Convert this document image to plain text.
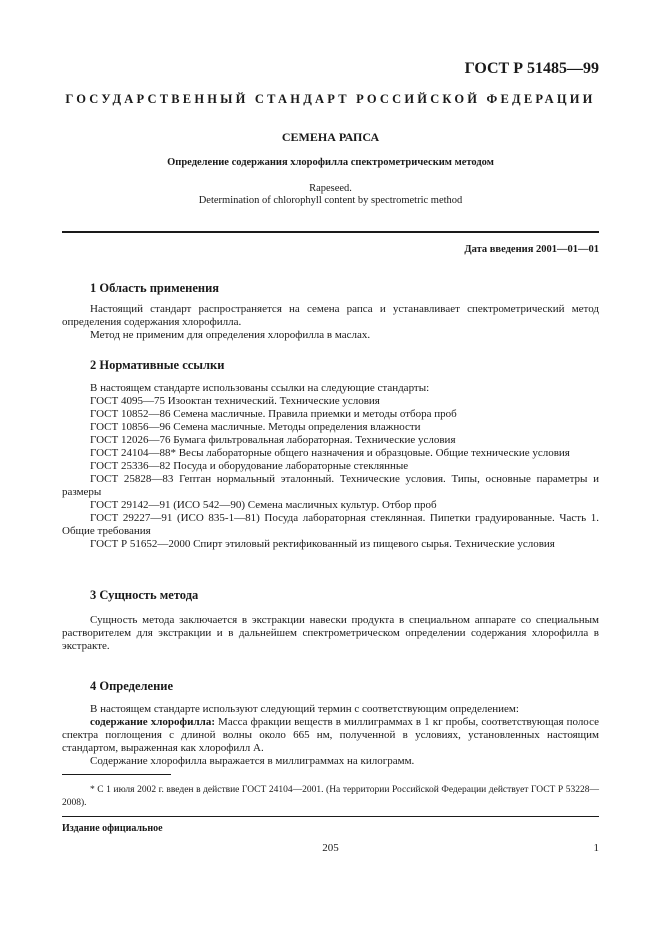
ГОСТ Р 51485—99
ГОСУДАРСТВЕННЫЙ СТАНДАРТ РОССИЙСКОЙ ФЕДЕРАЦИИ
СЕМЕНА РАПСА
Определение содержания хлорофилла спектрометрическим методом
Rapeseed.
Determination of chlorophyll content by spectrometric method
Дата введения 2001—01—01
1 Область применения

Настоящий стандарт распространяется на семена рапса и устанавливает спектрометрический метод определения содержания хлорофилла.

Метод не применим для определения хлорофилла в маслах.

2 Нормативные ссылки

В настоящем стандарте использованы ссылки на следующие стандарты:

ГОСТ 4095—75 Изооктан технический. Технические условия

ГОСТ 10852—86 Семена масличные. Правила приемки и методы отбора проб

ГОСТ 10856—96 Семена масличные. Методы определения влажности

ГОСТ 12026—76 Бумага фильтровальная лабораторная. Технические условия

ГОСТ 24104—88* Весы лабораторные общего назначения и образцовые. Общие технические условия

ГОСТ 25336—82 Посуда и оборудование лабораторные стеклянные

ГОСТ 25828—83 Гептан нормальный эталонный. Технические условия. Типы, основные параметры и размеры

ГОСТ 29142—91 (ИСО 542—90) Семена масличных культур. Отбор проб

ГОСТ 29227—91 (ИСО 835-1—81) Посуда лабораторная стеклянная. Пипетки градуированные. Часть 1. Общие требования

ГОСТ Р 51652—2000 Спирт этиловый ректификованный из пищевого сырья. Технические условия

3 Сущность метода

Сущность метода заключается в экстракции навески продукта в специальном аппарате со специальным растворителем для экстракции и в дальнейшем спектрометрическом определении содержания хлорофилла в экстракте.

4 Определение

В настоящем стандарте используют следующий термин с соответствующим определением:

содержание хлорофилла: Масса фракции веществ в миллиграммах в 1 кг пробы, соответствующая полосе спектра поглощения с длиной волны около 665 нм, полученной в условиях, установленных настоящим стандартом, выраженная как хлорофилл А.

Содержание хлорофилла выражается в миллиграммах на килограмм.

* С 1 июля 2002 г. введен в действие ГОСТ 24104—2001. (На территории Российской Федерации действует ГОСТ Р 53228—2008).
Издание официальное
205	1
